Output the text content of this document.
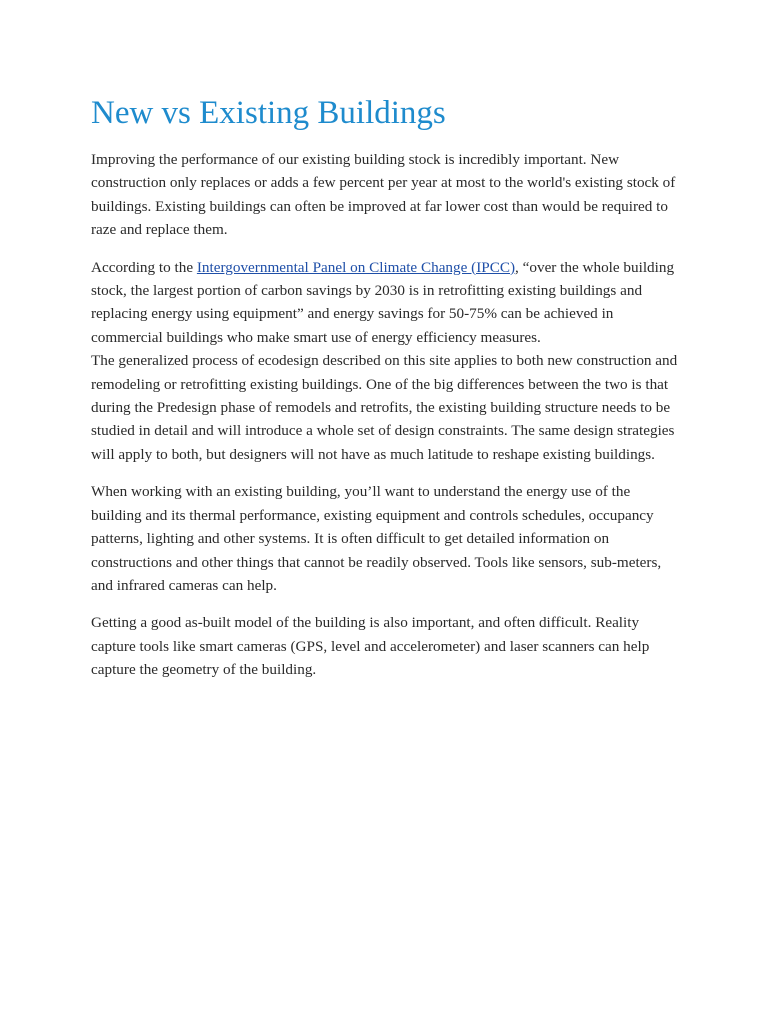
New vs Existing Buildings

Improving the performance of our existing building stock is incredibly important. New construction only replaces or adds a few percent per year at most to the world's existing stock of buildings. Existing buildings can often be improved at far lower cost than would be required to raze and replace them.

According to the Intergovernmental Panel on Climate Change (IPCC), “over the whole building stock, the largest portion of carbon savings by 2030 is in retrofitting existing buildings and replacing energy using equipment” and energy savings for 50-75% can be achieved in commercial buildings who make smart use of energy efficiency measures.

The generalized process of ecodesign described on this site applies to both new construction and remodeling or retrofitting existing buildings. One of the big differences between the two is that during the Predesign phase of remodels and retrofits, the existing building structure needs to be studied in detail and will introduce a whole set of design constraints. The same design strategies will apply to both, but designers will not have as much latitude to reshape existing buildings.

When working with an existing building, you’ll want to understand the energy use of the building and its thermal performance, existing equipment and controls schedules, occupancy patterns, lighting and other systems. It is often difficult to get detailed information on constructions and other things that cannot be readily observed. Tools like sensors, sub-meters, and infrared cameras can help.

Getting a good as-built model of the building is also important, and often difficult. Reality capture tools like smart cameras (GPS, level and accelerometer) and laser scanners can help capture the geometry of the building.
